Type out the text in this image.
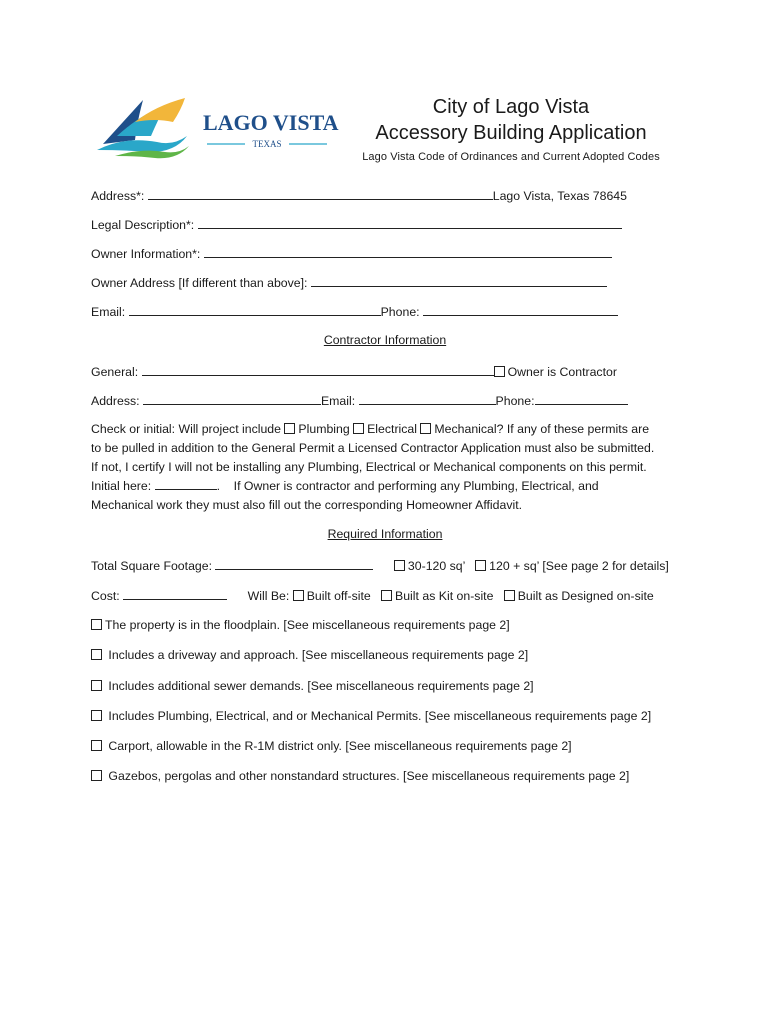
LAGO VISTA
TEXAS
City of Lago Vista
Accessory Building Application
Lago Vista Code of Ordinances and Current Adopted Codes
Address*:	Lago Vista, Texas 78645
Legal Description*:
Owner Information*:
Owner Address [If different than above]:
Email:	Phone:
Contractor Information
General:	Owner is Contractor
Address:	Email:	Phone:
Check or initial: Will project include Plumbing Electrical Mechanical? If any of these permits are
to be pulled in addition to the General Permit a Licensed Contractor Application must also be submitted.
If not, I certify I will not be installing any Plumbing, Electrical or Mechanical components on this permit.
Initial here:	.    If Owner is contractor and performing any Plumbing, Electrical, and
Mechanical work they must also fill out the corresponding Homeowner Affidavit.
Required Information
Total Square Footage:	30-120 sq’ 120 + sq’ [See page 2 for details]
Cost:	Will Be: Built off-site Built as Kit on-site Built as Designed on-site
The property is in the floodplain. [See miscellaneous requirements page 2]
Includes a driveway and approach. [See miscellaneous requirements page 2]
Includes additional sewer demands. [See miscellaneous requirements page 2]
Includes Plumbing, Electrical, and or Mechanical Permits. [See miscellaneous requirements page 2]
Carport, allowable in the R-1M district only. [See miscellaneous requirements page 2]
Gazebos, pergolas and other nonstandard structures. [See miscellaneous requirements page 2]
